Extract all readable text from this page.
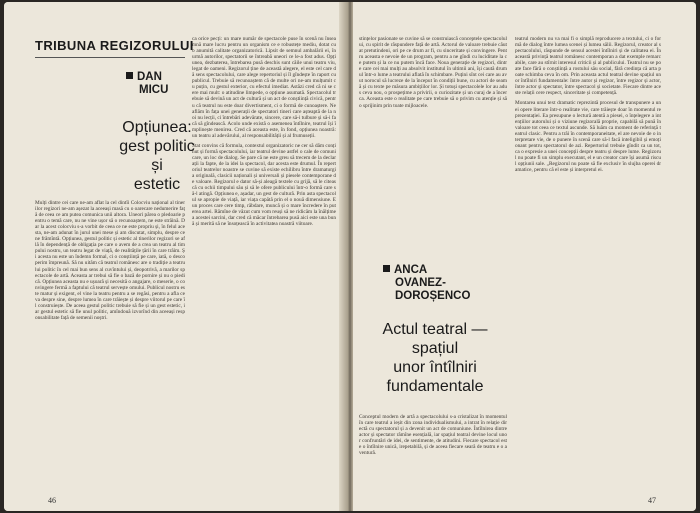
TRIBUNA REGIZORULUI
DAN
MICU
Opțiunea:
gest politic
și
estetic
Mulți dintre cei care ne-am aflat la cel dintîi Colocviu național al tinerilor regizori ne-am așezat la aceeași masă cu o oarecare nedumerire față de ceea ce am putea comunica unii altora. Uneori părea o pledoarie pentru o temă care, nu ne vine ușor să o recunoaștem, ne este străină. Dar la acest colocviu s-a vorbit de ceea ce ne este propriu și, în felul acesta, ne-am adunat în jurul unei mese și am discutat, simplu, despre ce ne frămîntă. Opțiunea, gestul politic și estetic al tinerilor regizori se află în dependență de obligația pe care o avem de a crea un teatru al timpului nostru, un teatru legat de viață, de realitățile țării în care trăim. Și acesta nu este un îndemn formal, ci o conștiință pe care, iată, o descoperim împreună. Să nu uităm că teatrul românesc are o tradiție a teatrului politic în cel mai bun sens al cuvîntului și, deopotrivă, a marilor spectacole de artă. Aceasta ar trebui să fie o bază de pornire și nu o piedică. Opțiunea aceasta nu e ușoară și necesită o angajare, o meserie, o convingere fermă a faptului că teatrul servește omului. Publicul nostru este matur și exigent, el vine la teatru pentru a se regăsi, pentru a afla ceva despre sine, despre lumea în care trăiește și despre viitorul pe care îl construiește. De aceea gestul politic trebuie să fie și un gest estetic, iar gestul estetic să fie unul politic, amîndouă izvorînd din aceeași responsabilitate față de semenii noștri.
ca orice pecți: un mare număr de spectacole puse în scenă nu înseamnă mare lucru pentru un organism ce e robustețe mediu, dotat cu o anumită calitate organizatorică. Lipsit de semnul ambalării ei, în urmă autorilor, spectatorii se întreabă uneori ce le-a fost adus. Opțiunea, dezbaterea, întrebarea pusă deschis sunt căile unui teatru viu, legat de oameni. Regizorul ține de această alegere, el este cel care dă sens spectacolului, care alege repertoriul și îl gîndește în raport cu publicul. Trebuie să recunoaștem că de multe ori ne-am mulțumit cu puțin, cu gestul exterior, cu efectul imediat. Astăzi cred că ni se cere mai mult: o atitudine limpede, o opțiune asumată. Spectacolul trebuie să devină un act de cultură și un act de conștiință civică, pentru că teatrul nu este doar divertisment, ci o formă de cunoaștere. Ne aflăm în fața unei generații de spectatori tineri care așteaptă de la noi nu lecții, ci întrebări adevărate, sincere, care să-i tulbure și să-i facă să gîndească. Acolo unde există o asemenea întîlnire, teatrul își împlinește menirea. Cred că aceasta este, în fond, opțiunea noastră: un teatru al adevărului, al responsabilității și al frumuseții.
Stat convins că formula, contextul organizatoric ne cer să dăm conținut și formă spectacolului, iar teatrul devine astfel o cale de comunicare, un loc de dialog. Se pare că ne este greu să trecem de la declarații la fapte, de la idei la spectacol, dar acesta este drumul. În repertoriul teatrelor noastre se cuvine să existe echilibru între dramaturgia originală, clasicii naționali și universali și piesele contemporane de valoare. Regizorul e dator să-și aleagă textele cu grijă, să le citească cu ochii timpului său și să le ofere publicului într-o formă care să-l atingă. Opțiunea e, așadar, un gest de cultură. Prin asta spectacolul se apropie de viață, iar viața capătă prin el o nouă dimensiune. E un proces care cere timp, răbdare, muncă și o mare încredere în puterea artei. Rămîne de văzut cum vom reuși să ne ridicăm la înălțimea acestei sarcini, dar cred că măcar întrebarea pusă aici este una bună și merită să ne însoțească în activitatea noastră viitoare.
46
stințelor pasionate se cuvine să se construiască conceptele spectacolului, cu spirit de răspundere față de artă. Actorul de valoare trebuie căutat pretutindeni, ori pe ce drum ar fi, cu sinceritate și convingere. Pentru aceasta e nevoie de un program, pentru a ne gîndi cu luciditate la ce putem și la ce nu putem încă face. Noua generație de regizori, dintre care cei mai mulți au absolvit institutul în ultimii ani, își caută drumul într-o lume a teatrului aflată în schimbare. Puțini sînt cei care au avut norocul să lucreze de la început în condiții bune, cu actori de seamă și cu texte pe măsura ambițiilor lor. Și totuși spectacolele lor au adus ceva nou, o prospețime a privirii, o curiozitate și un curaj de a încerca. Aceasta este o realitate pe care trebuie să o privim cu atenție și să o sprijinim prin toate mijloacele.
ANCA
OVANEZ-
DOROȘENCO
Actul teatral —
spațiul
unor întîlniri
fundamentale
Conceptul modern de artă a spectacolului s-a cristalizat în momentul în care teatrul a ieșit din zona individualismului, a intrat în relație directă cu spectatorul și a devenit un act de comuniune. Întîlnirea dintre actor și spectator rămîne esențială, iar spațiul teatral devine locul unor confruntări de idei, de sentimente, de atitudini. Fiecare spectacol este o întîlnire unică, irepetabilă, și de aceea fiecare seară de teatru e o aventură.
teatrul modern nu va mai fi o simplă reproducere a textului, ci o formă de dialog între lumea scenei și lumea sălii. Regizorul, creator al spectacolului, răspunde de sensul acestei întîlniri și de calitatea ei. În această privință teatrul românesc contemporan a dat exemple remarcabile, care au stîrnit interesul criticii și al publicului. Teatrul nu se poate face fără o conștiință a rostului său social, fără credința că arta poate schimba ceva în om. Prin aceasta actul teatral devine spațiul unor întîlniri fundamentale: între autor și regizor, între regizor și actor, între actor și spectator, între spectacol și societate. Fiecare dintre aceste relații cere respect, sinceritate și competență.
Montarea unui text dramatic reprezintă procesul de transpunere a unei opere literare într-o realitate vie, care trăiește doar în momentul reprezentației. Ea presupune o lectură atentă a piesei, o înțelegere a intențiilor autorului și o viziune regizorală proprie, capabilă să pună în valoare tot ceea ce textul ascunde. Să luăm ca moment de referință teatrul clasic. Pentru a trăi în contemporaneitate, el are nevoie de o interpretare vie, de o punere în scenă care să-l facă inteligibil și emoționant pentru spectatorul de azi. Repertoriul trebuie gîndit ca un tot, ca o expresie a unei concepții despre teatru și despre lume. Regizorul nu poate fi un simplu executant, el e un creator care își asumă riscul opțiunii sale. „Regizorul nu poate să fie exclusiv în slujba operei dramatice, pentru că el este și interpretul ei.
47
